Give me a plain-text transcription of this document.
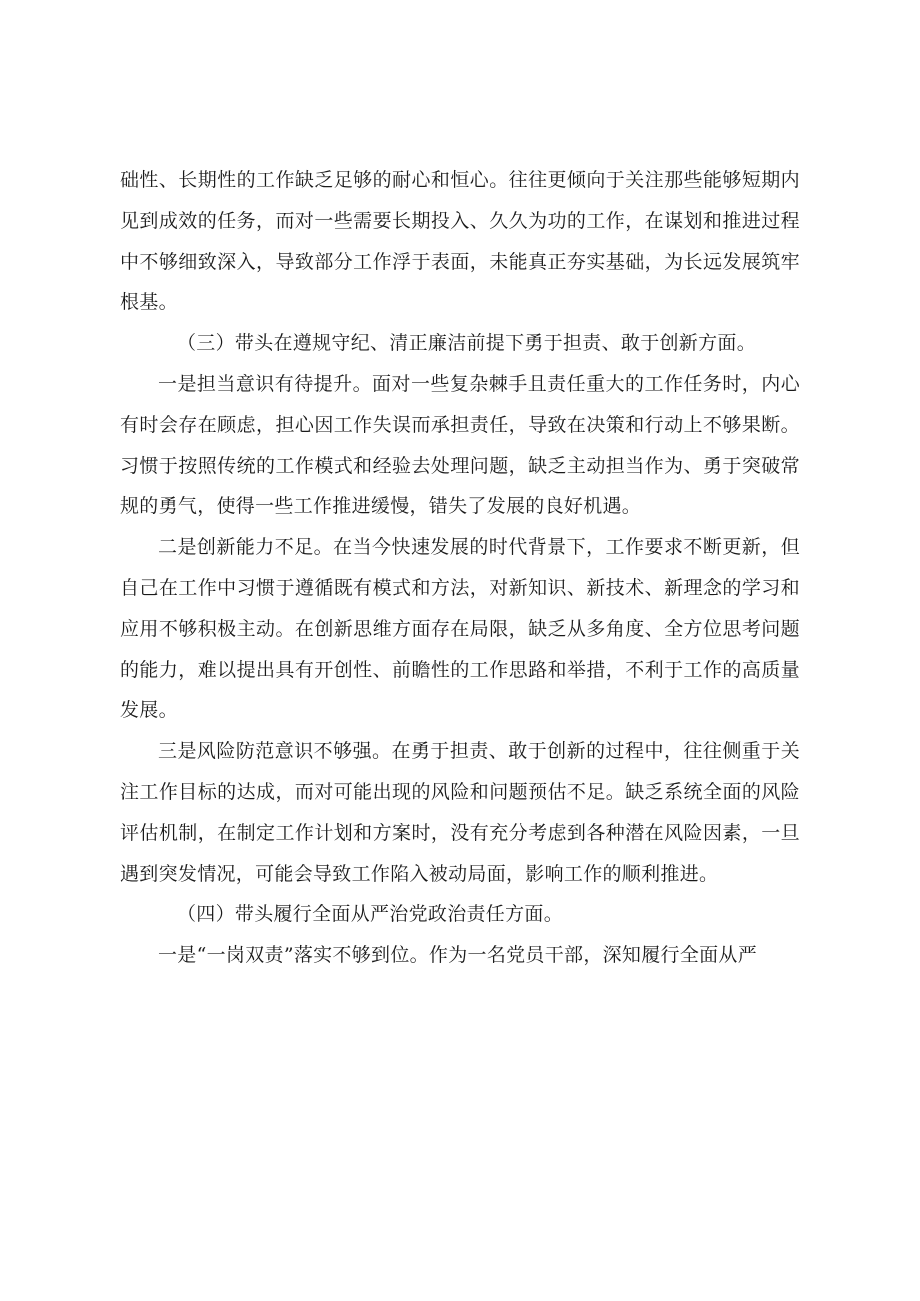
础性、长期性的工作缺乏足够的耐心和恒心。往往更倾向于关注那些能够短期内见到成效的任务，而对一些需要长期投入、久久为功的工作，在谋划和推进过程中不够细致深入，导致部分工作浮于表面，未能真正夯实基础，为长远发展筑牢根基。

（三）带头在遵规守纪、清正廉洁前提下勇于担责、敢于创新方面。

一是担当意识有待提升。面对一些复杂棘手且责任重大的工作任务时，内心有时会存在顾虑，担心因工作失误而承担责任，导致在决策和行动上不够果断。习惯于按照传统的工作模式和经验去处理问题，缺乏主动担当作为、勇于突破常规的勇气，使得一些工作推进缓慢，错失了发展的良好机遇。

二是创新能力不足。在当今快速发展的时代背景下，工作要求不断更新，但自己在工作中习惯于遵循既有模式和方法，对新知识、新技术、新理念的学习和应用不够积极主动。在创新思维方面存在局限，缺乏从多角度、全方位思考问题的能力，难以提出具有开创性、前瞻性的工作思路和举措，不利于工作的高质量发展。

三是风险防范意识不够强。在勇于担责、敢于创新的过程中，往往侧重于关注工作目标的达成，而对可能出现的风险和问题预估不足。缺乏系统全面的风险评估机制，在制定工作计划和方案时，没有充分考虑到各种潜在风险因素，一旦遇到突发情况，可能会导致工作陷入被动局面，影响工作的顺利推进。

（四）带头履行全面从严治党政治责任方面。

一是“一岗双责”落实不够到位。作为一名党员干部，深知履行全面从严
